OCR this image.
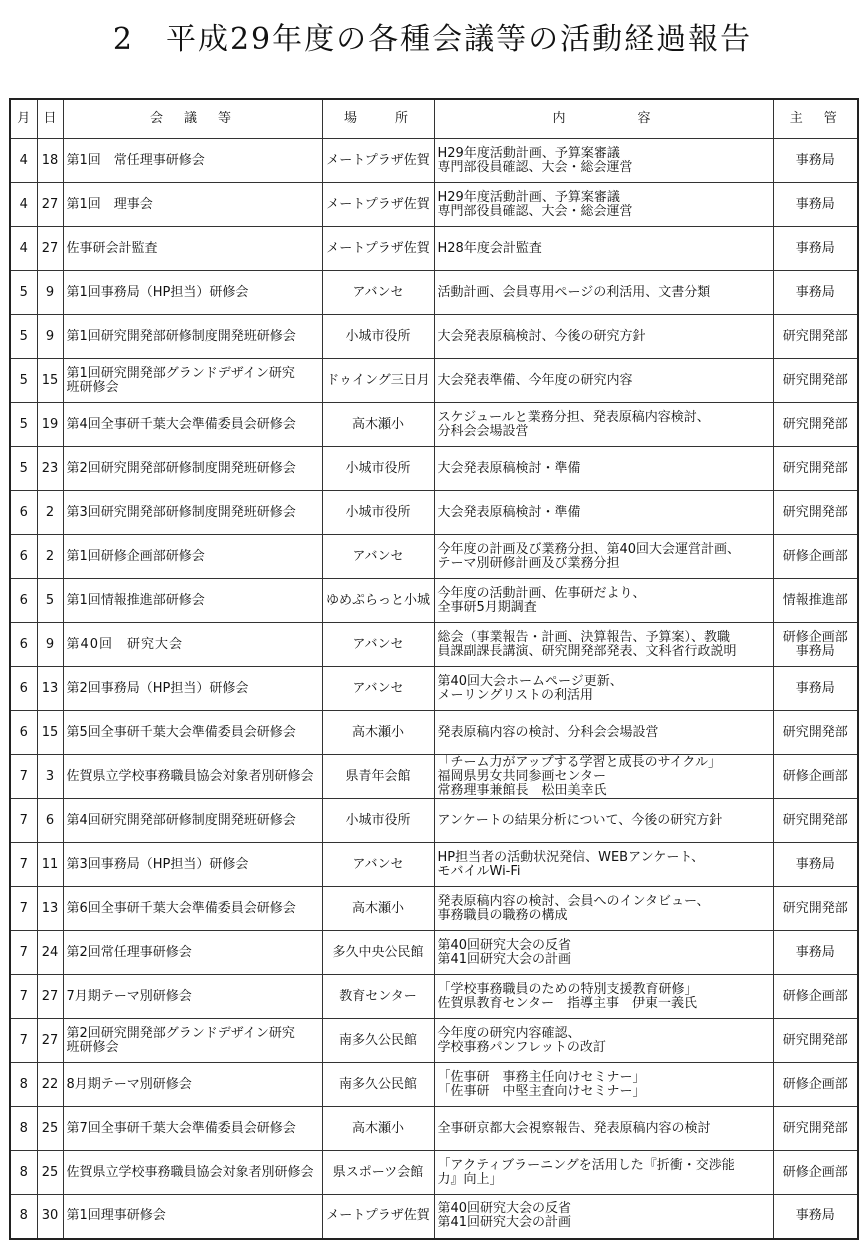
2　平成29年度の各種会議等の活動経過報告
月	日	会　議　等	場　　所	内　　　　容	主　管
4	18	第1回　常任理事研修会	メートプラザ佐賀	H29年度活動計画、予算案審議
専門部役員確認、大会・総会運営	事務局

4	27	第1回　理事会	メートプラザ佐賀	H29年度活動計画、予算案審議
専門部役員確認、大会・総会運営	事務局

4	27	佐事研会計監査	メートプラザ佐賀	H28年度会計監査	事務局

5	9	第1回事務局（HP担当）研修会	アバンセ	活動計画、会員専用ページの利活用、文書分類	事務局

5	9	第1回研究開発部研修制度開発班研修会	小城市役所	大会発表原稿検討、今後の研究方針	研究開発部

5	15	第1回研究開発部グランドデザイン研究
班研修会	ドゥイング三日月	大会発表準備、今年度の研究内容	研究開発部

5	19	第4回全事研千葉大会準備委員会研修会	高木瀬小	スケジュールと業務分担、発表原稿内容検討、
分科会会場設営	研究開発部

5	23	第2回研究開発部研修制度開発班研修会	小城市役所	大会発表原稿検討・準備	研究開発部

6	2	第3回研究開発部研修制度開発班研修会	小城市役所	大会発表原稿検討・準備	研究開発部

6	2	第1回研修企画部研修会	アバンセ	今年度の計画及び業務分担、第40回大会運営計画、
テーマ別研修計画及び業務分担	研修企画部

6	5	第1回情報推進部研修会	ゆめぷらっと小城	今年度の活動計画、佐事研だより、
全事研5月期調査	情報推進部

6	9	第40回　研究大会	アバンセ	総会（事業報告・計画、決算報告、予算案）、教職
員課副課長講演、研究開発部発表、文科省行政説明	研修企画部
事務局

6	13	第2回事務局（HP担当）研修会	アバンセ	第40回大会ホームページ更新、
メーリングリストの利活用	事務局

6	15	第5回全事研千葉大会準備委員会研修会	高木瀬小	発表原稿内容の検討、分科会会場設営	研究開発部

7	3	佐賀県立学校事務職員協会対象者別研修会	県青年会館	「チーム力がアップする学習と成長のサイクル」
福岡県男女共同参画センター
常務理事兼館長　松田美幸氏	研修企画部

7	6	第4回研究開発部研修制度開発班研修会	小城市役所	アンケートの結果分析について、今後の研究方針	研究開発部

7	11	第3回事務局（HP担当）研修会	アバンセ	HP担当者の活動状況発信、WEBアンケート、
モバイルWi-Fi	事務局

7	13	第6回全事研千葉大会準備委員会研修会	高木瀬小	発表原稿内容の検討、会員へのインタビュー、
事務職員の職務の構成	研究開発部

7	24	第2回常任理事研修会	多久中央公民館	第40回研究大会の反省
第41回研究大会の計画	事務局

7	27	7月期テーマ別研修会	教育センター	「学校事務職員のための特別支援教育研修」
佐賀県教育センター　指導主事　伊東一義氏	研修企画部

7	27	第2回研究開発部グランドデザイン研究
班研修会	南多久公民館	今年度の研究内容確認、
学校事務パンフレットの改訂	研究開発部

8	22	8月期テーマ別研修会	南多久公民館	「佐事研　事務主任向けセミナー」
「佐事研　中堅主査向けセミナー」	研修企画部

8	25	第7回全事研千葉大会準備委員会研修会	高木瀬小	全事研京都大会視察報告、発表原稿内容の検討	研究開発部

8	25	佐賀県立学校事務職員協会対象者別研修会	県スポーツ会館	「アクティブラーニングを活用した『折衝・交渉能
力』向上」	研修企画部

8	30	第1回理事研修会	メートプラザ佐賀	第40回研究大会の反省
第41回研究大会の計画	事務局
